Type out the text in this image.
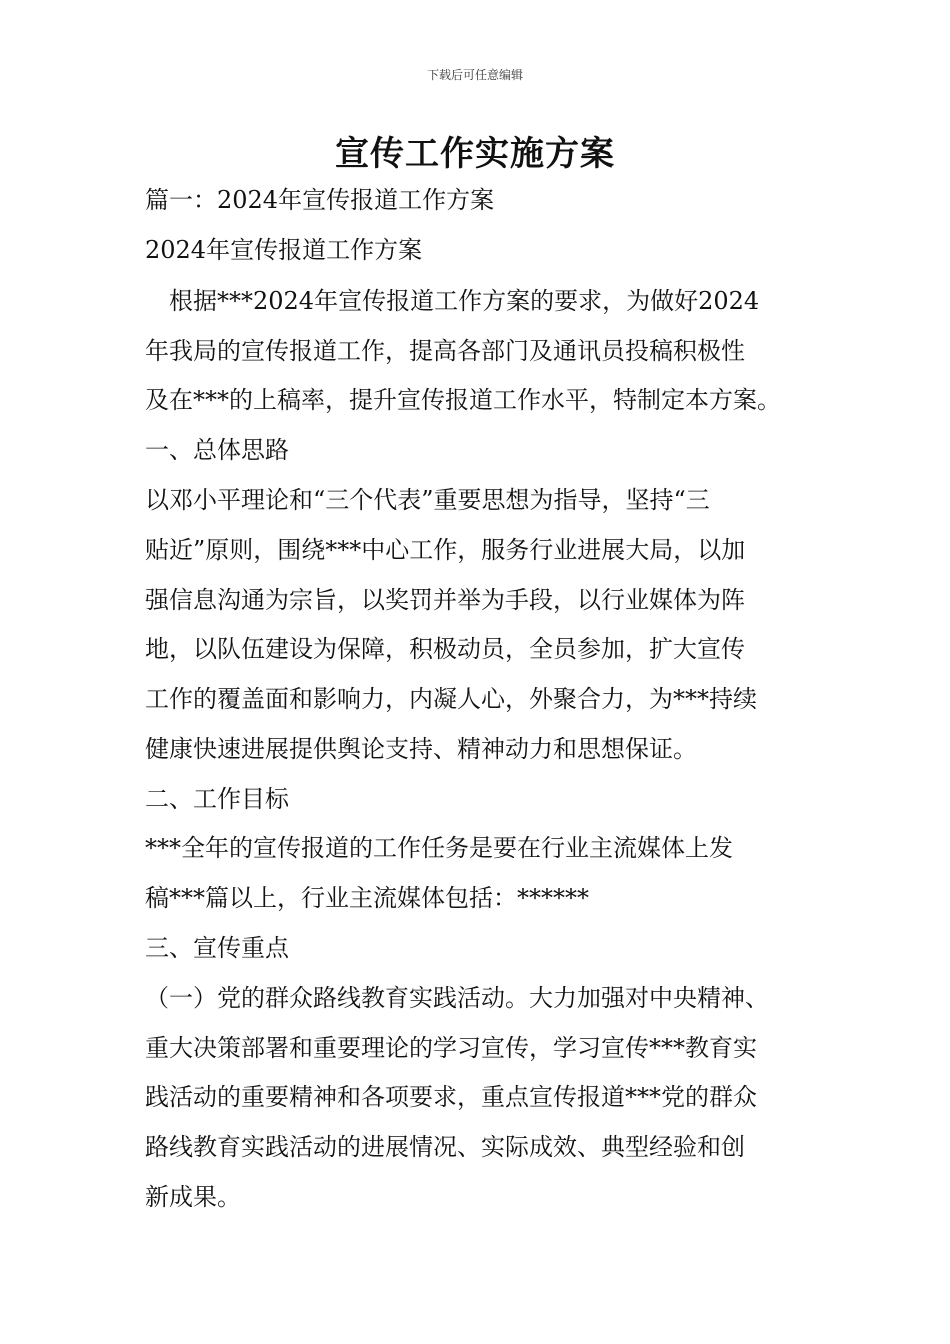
下载后可任意编辑
宣传工作实施方案
篇一：2024年宣传报道工作方案
2024年宣传报道工作方案
　根据***2024年宣传报道工作方案的要求，为做好2024
年我局的宣传报道工作，提高各部门及通讯员投稿积极性
及在***的上稿率，提升宣传报道工作水平，特制定本方案。
一、总体思路
以邓小平理论和“三个代表”重要思想为指导，坚持“三
贴近”原则，围绕***中心工作，服务行业进展大局，以加
强信息沟通为宗旨，以奖罚并举为手段，以行业媒体为阵
地，以队伍建设为保障，积极动员，全员参加，扩大宣传
工作的覆盖面和影响力，内凝人心，外聚合力，为***持续
健康快速进展提供舆论支持、精神动力和思想保证。
二、工作目标
***全年的宣传报道的工作任务是要在行业主流媒体上发
稿***篇以上，行业主流媒体包括：******
三、宣传重点
（一）党的群众路线教育实践活动。大力加强对中央精神、
重大决策部署和重要理论的学习宣传，学习宣传***教育实
践活动的重要精神和各项要求，重点宣传报道***党的群众
路线教育实践活动的进展情况、实际成效、典型经验和创
新成果。
